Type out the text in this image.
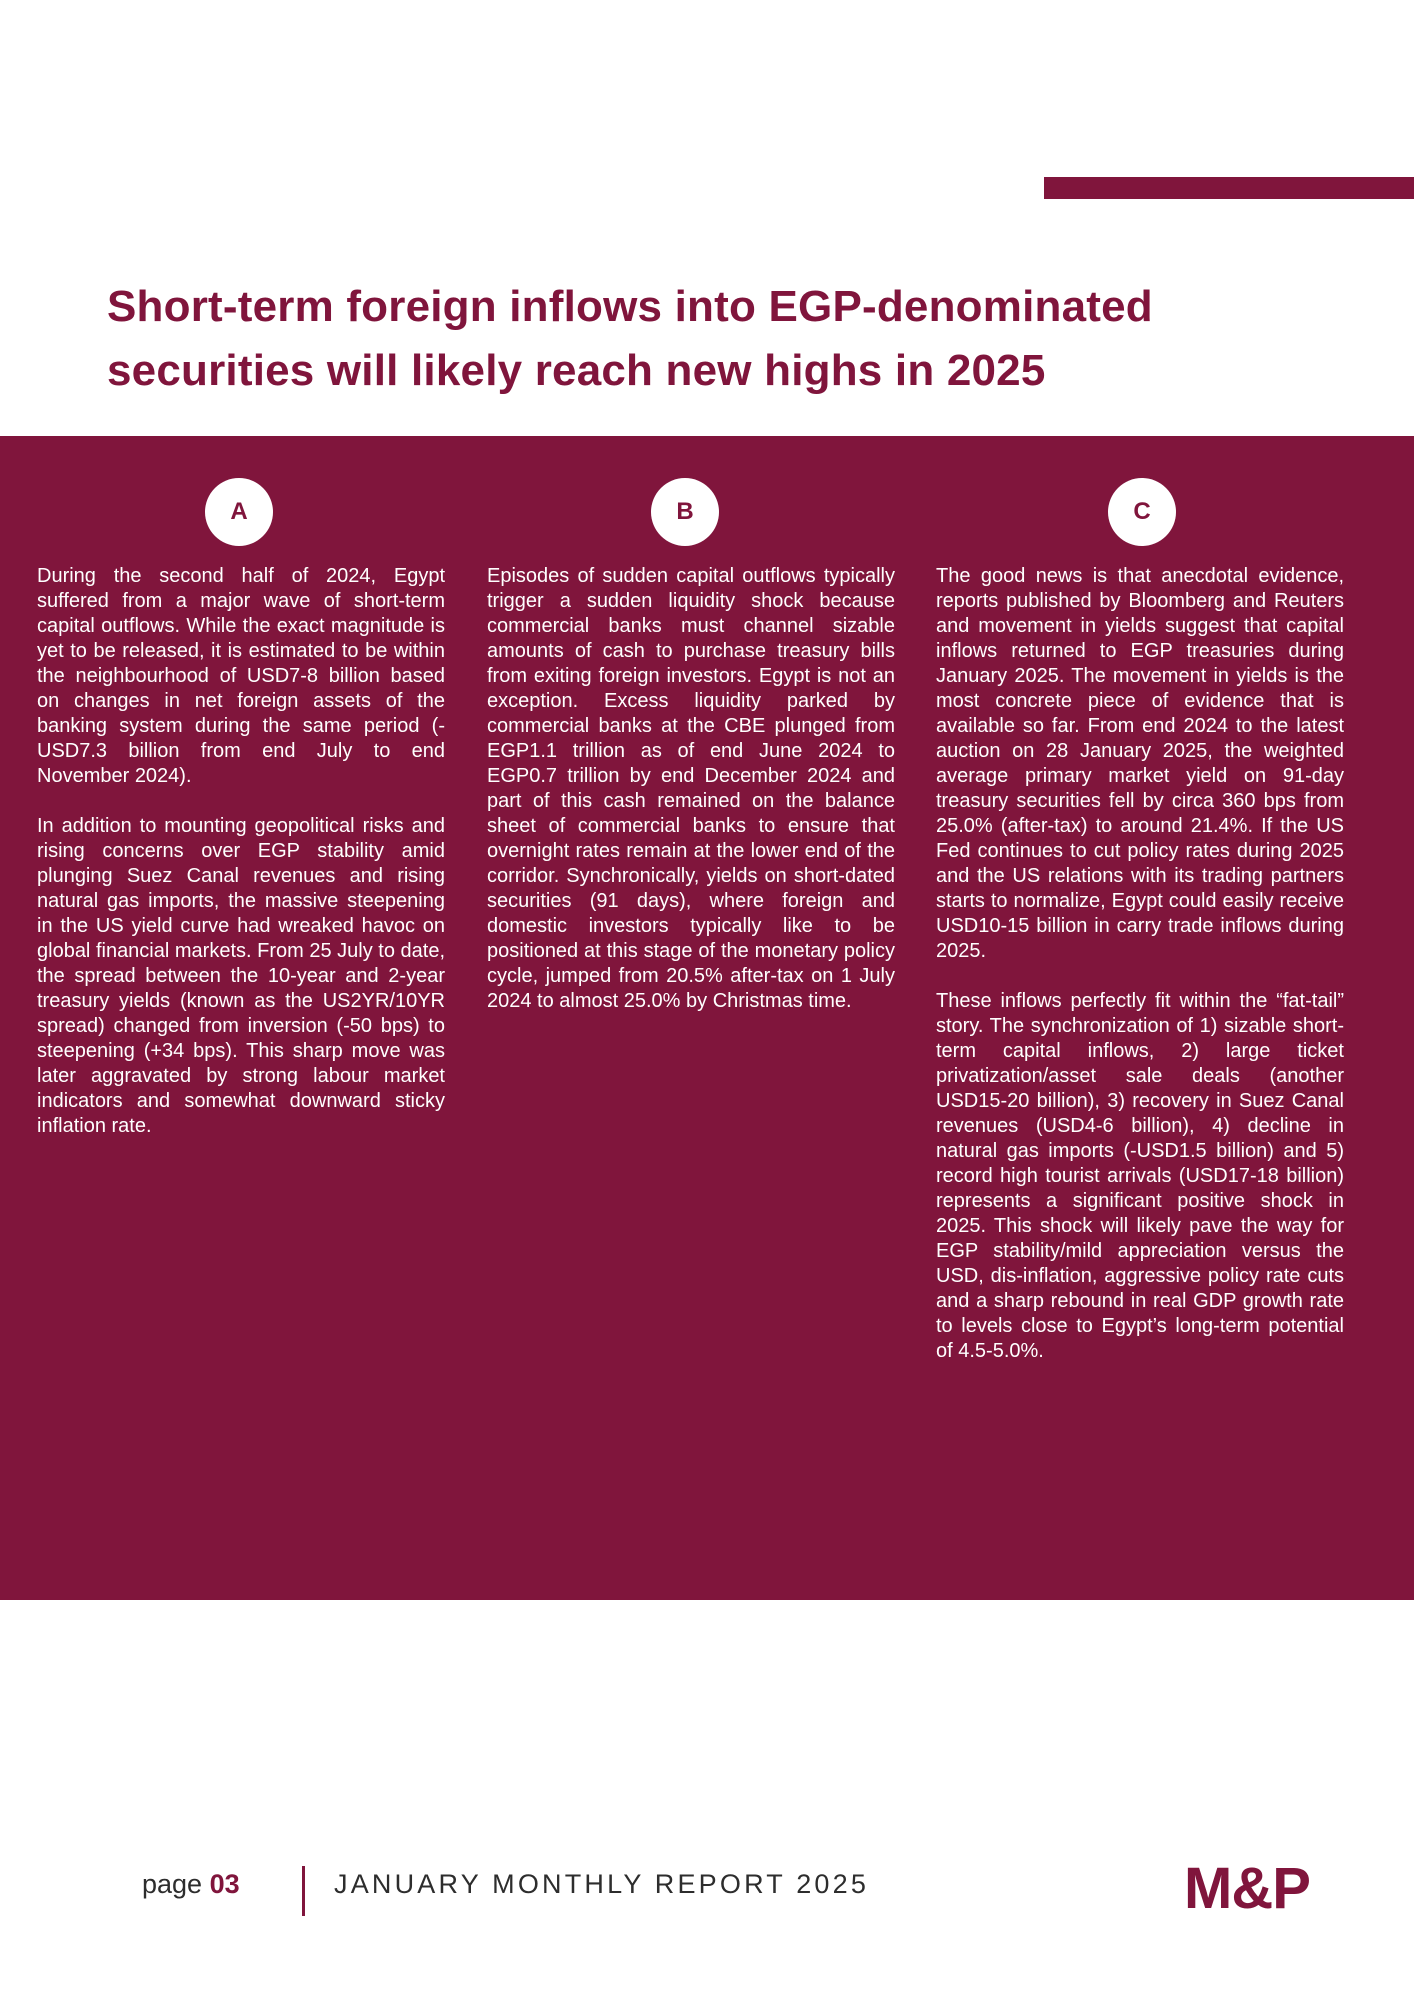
Short-term foreign inflows into EGP-denominated
securities will likely reach new highs in 2025
A

During the second half of 2024, Egypt suffered from a major wave of short-term capital outflows. While the exact magnitude is yet to be released, it is estimated to be within the neighbourhood of USD7-8 billion based on changes in net foreign assets of the banking system during the same period (-USD7.3 billion from end July to end November 2024).

In addition to mounting geopolitical risks and rising concerns over EGP stability amid plunging Suez Canal revenues and rising natural gas imports, the massive steepening in the US yield curve had wreaked havoc on global financial markets. From 25 July to date, the spread between the 10-year and 2-year treasury yields (known as the US2YR/10YR spread) changed from inversion (-50 bps) to steepening (+34 bps). This sharp move was later aggravated by strong labour market indicators and somewhat downward sticky inflation rate.

B

Episodes of sudden capital outflows typically trigger a sudden liquidity shock because commercial banks must channel sizable amounts of cash to purchase treasury bills from exiting foreign investors. Egypt is not an exception. Excess liquidity parked by commercial banks at the CBE plunged from EGP1.1 trillion as of end June 2024 to EGP0.7 trillion by end December 2024 and part of this cash remained on the balance sheet of commercial banks to ensure that overnight rates remain at the lower end of the corridor. Synchronically, yields on short-dated securities (91 days), where foreign and domestic investors typically like to be positioned at this stage of the monetary policy cycle, jumped from 20.5% after-tax on 1 July 2024 to almost 25.0% by Christmas time.

C

The good news is that anecdotal evidence, reports published by Bloomberg and Reuters and movement in yields suggest that capital inflows returned to EGP treasuries during January 2025. The movement in yields is the most concrete piece of evidence that is available so far. From end 2024 to the latest auction on 28 January 2025, the weighted average primary market yield on 91-day treasury securities fell by circa 360 bps from 25.0% (after-tax) to around 21.4%. If the US Fed continues to cut policy rates during 2025 and the US relations with its trading partners starts to normalize, Egypt could easily receive USD10-15 billion in carry trade inflows during 2025.

These inflows perfectly fit within the “fat-tail” story. The synchronization of 1) sizable short-term capital inflows, 2) large ticket privatization/asset sale deals (another USD15-20 billion), 3) recovery in Suez Canal revenues (USD4-6 billion), 4) decline in natural gas imports (-USD1.5 billion) and 5) record high tourist arrivals (USD17-18 billion) represents a significant positive shock in 2025. This shock will likely pave the way for EGP stability/mild appreciation versus the USD, dis-inflation, aggressive policy rate cuts and a sharp rebound in real GDP growth rate to levels close to Egypt’s long-term potential of 4.5-5.0%.

page 03	JANUARY MONTHLY REPORT 2025	M&P
